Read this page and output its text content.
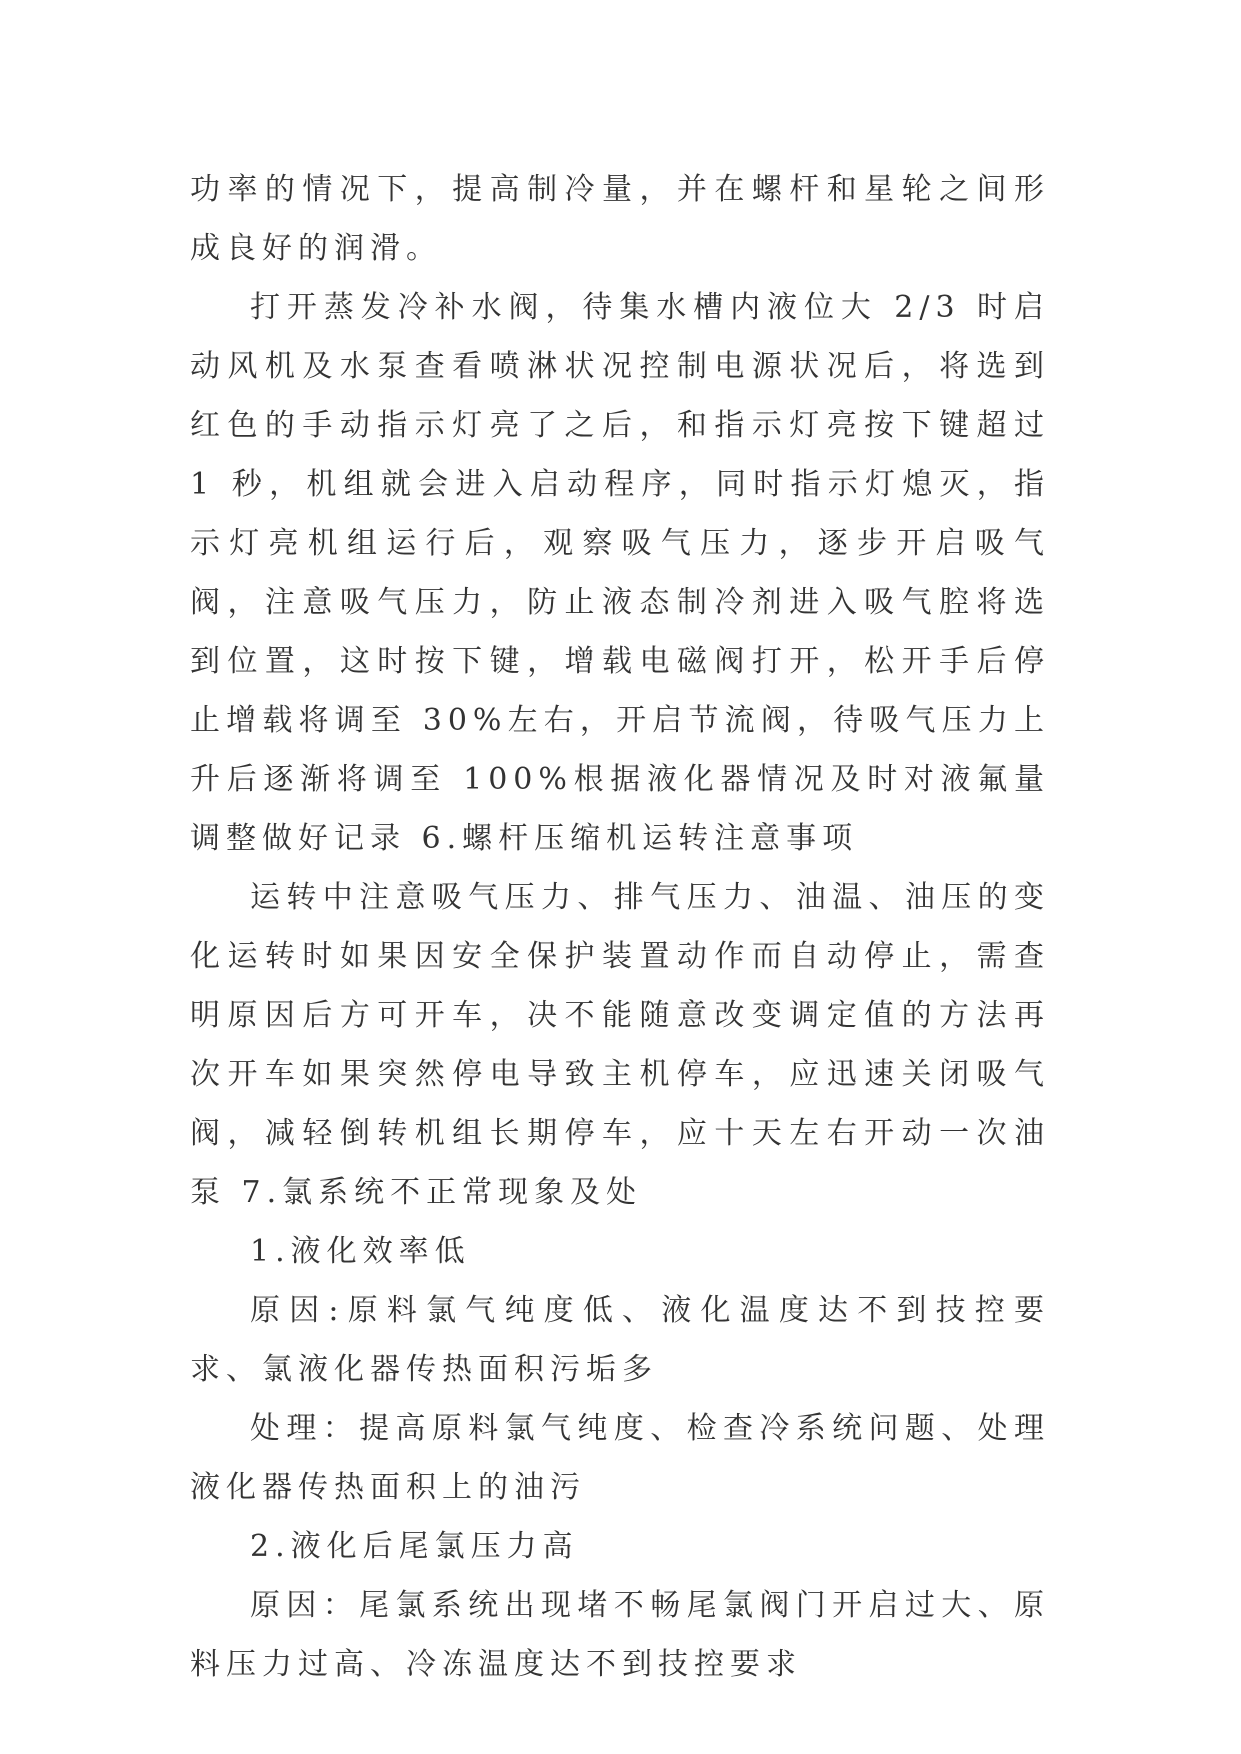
功率的情况下，提高制冷量，并在螺杆和星轮之间形成良好的润滑。

打开蒸发冷补水阀，待集水槽内液位大 2/3 时启动风机及水泵查看喷淋状况控制电源状况后，将选到红色的手动指示灯亮了之后，和指示灯亮按下键超过 1 秒，机组就会进入启动程序，同时指示灯熄灭，指示灯亮机组运行后，观察吸气压力，逐步开启吸气阀，注意吸气压力，防止液态制冷剂进入吸气腔将选到位置，这时按下键，增载电磁阀打开，松开手后停止增载将调至 30%左右，开启节流阀，待吸气压力上升后逐渐将调至 100%根据液化器情况及时对液氟量调整做好记录 6.螺杆压缩机运转注意事项

运转中注意吸气压力、排气压力、油温、油压的变化运转时如果因安全保护装置动作而自动停止，需查明原因后方可开车，决不能随意改变调定值的方法再次开车如果突然停电导致主机停车，应迅速关闭吸气阀，减轻倒转机组长期停车，应十天左右开动一次油泵 7.氯系统不正常现象及处

1.液化效率低

原因:原料氯气纯度低、液化温度达不到技控要求、氯液化器传热面积污垢多

处理：提高原料氯气纯度、检查冷系统问题、处理液化器传热面积上的油污

2.液化后尾氯压力高

原因：尾氯系统出现堵不畅尾氯阀门开启过大、原料压力过高、冷冻温度达不到技控要求
